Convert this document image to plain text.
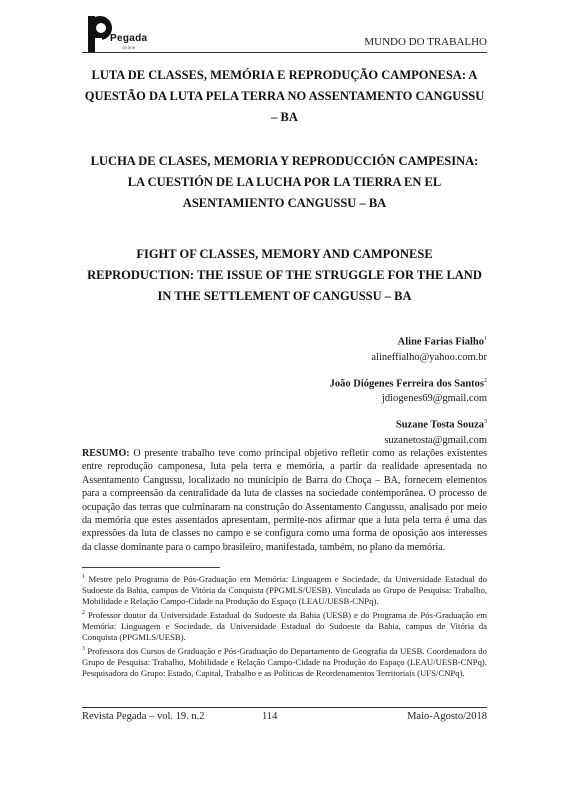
Pegada
on line	MUNDO DO TRABALHO
LUTA DE CLASSES, MEMÓRIA E REPRODUÇÃO CAMPONESA: A QUESTÃO DA LUTA PELA TERRA NO ASSENTAMENTO CANGUSSU – BA
LUCHA DE CLASES, MEMORIA Y REPRODUCCIÓN CAMPESINA: LA CUESTIÓN DE LA LUCHA POR LA TIERRA EN EL ASENTAMIENTO CANGUSSU – BA
FIGHT OF CLASSES, MEMORY AND CAMPONESE REPRODUCTION: THE ISSUE OF THE STRUGGLE FOR THE LAND IN THE SETTLEMENT OF CANGUSSU – BA
Aline Farias Fialho$^1$
alineffialho@yahoo.com.br
João Diógenes Ferreira dos Santos$^2$
jdiogenes69@gmail.com
Suzane Tosta Souza$^3$
suzanetosta@gmail.com
RESUMO: O presente trabalho teve como principal objetivo refletir como as relações existentes entre reprodução camponesa, luta pela terra e memória, a partir da realidade apresentada no Assentamento Cangussu, localizado no município de Barra do Choça – BA, fornecem elementos para a compreensão da centralidade da luta de classes na sociedade contemporânea. O processo de ocupação das terras que culminaram na construção do Assentamento Cangussu, analisado por meio da memória que estes assentados apresentam, permite-nos afirmar que a luta pela terra é uma das expressões da luta de classes no campo e se configura como uma forma de oposição aos interesses da classe dominante para o campo brasileiro, manifestada, também, no plano da memória.

$^1$ Mestre pelo Programa de Pós-Graduação em Memória: Linguagem e Sociedade, da Universidade Estadual do Sudoeste da Bahia, campus de Vitória da Conquista (PPGMLS/UESB). Vinculada ao Grupo de Pesquisa: Trabalho, Mobilidade e Relação Campo-Cidade na Produção do Espaço (LEAU/UESB-CNPq).

$^2$ Professor doutor da Universidade Estadual do Sudoeste da Bahia (UESB) e do Programa de Pós-Graduação em Memória: Linguagem e Sociedade, da Universidade Estadual do Sudoeste da Bahia, campus de Vitória da Conquista (PPGMLS/UESB).

$^3$ Professora dos Cursos de Graduação e Pós-Graduação do Departamento de Geografia da UESB. Coordenadora do Grupo de Pesquisa: Trabalho, Mobilidade e Relação Campo-Cidade na Produção do Espaço (LEAU/UESB-CNPq). Pesquisadora do Grupo: Estado, Capital, Trabalho e as Políticas de Reordenamentos Territoriais (UFS/CNPq).

Revista Pegada – vol. 19. n.2	114	Maio-Agosto/2018
